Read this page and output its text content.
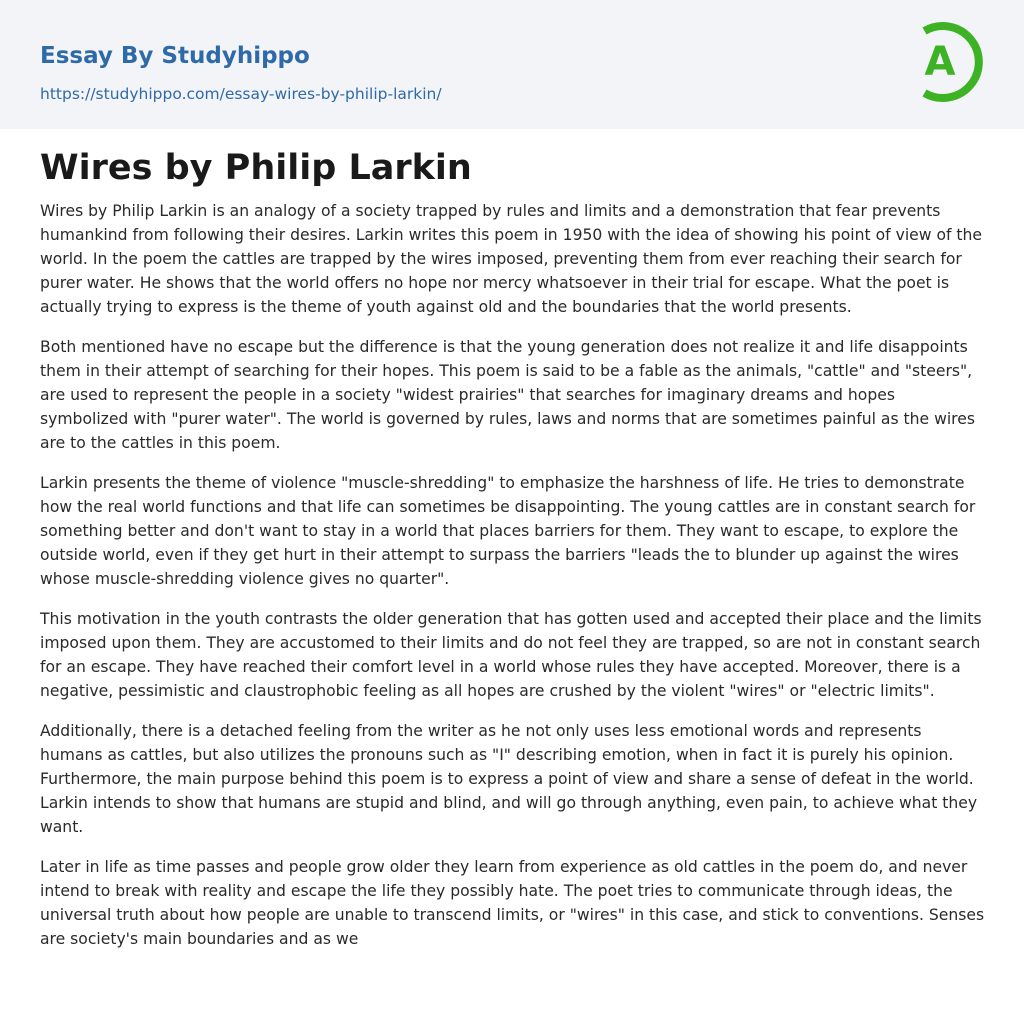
Essay By Studyhippo
https://studyhippo.com/essay-wires-by-philip-larkin/
A
Wires by Philip Larkin

Wires by Philip Larkin is an analogy of a society trapped by rules and limits and a demonstration that fear prevents humankind from following their desires. Larkin writes this poem in 1950 with the idea of showing his point of view of the world. In the poem the cattles are trapped by the wires imposed, preventing them from ever reaching their search for purer water. He shows that the world offers no hope nor mercy whatsoever in their trial for escape. What the poet is actually trying to express is the theme of youth against old and the boundaries that the world presents.

Both mentioned have no escape but the difference is that the young generation does not realize it and life disappoints them in their attempt of searching for their hopes. This poem is said to be a fable as the animals, "cattle" and "steers", are used to represent the people in a society "widest prairies" that searches for imaginary dreams and hopes symbolized with "purer water". The world is governed by rules, laws and norms that are sometimes painful as the wires are to the cattles in this poem.

Larkin presents the theme of violence "muscle-shredding" to emphasize the harshness of life. He tries to demonstrate how the real world functions and that life can sometimes be disappointing. The young cattles are in constant search for something better and don't want to stay in a world that places barriers for them. They want to escape, to explore the outside world, even if they get hurt in their attempt to surpass the barriers "leads the to blunder up against the wires whose muscle-shredding violence gives no quarter".

This motivation in the youth contrasts the older generation that has gotten used and accepted their place and the limits imposed upon them. They are accustomed to their limits and do not feel they are trapped, so are not in constant search for an escape. They have reached their comfort level in a world whose rules they have accepted. Moreover, there is a negative, pessimistic and claustrophobic feeling as all hopes are crushed by the violent "wires" or "electric limits".

Additionally, there is a detached feeling from the writer as he not only uses less emotional words and represents humans as cattles, but also utilizes the pronouns such as "I" describing emotion, when in fact it is purely his opinion. Furthermore, the main purpose behind this poem is to express a point of view and share a sense of defeat in the world. Larkin intends to show that humans are stupid and blind, and will go through anything, even pain, to achieve what they want.

Later in life as time passes and people grow older they learn from experience as old cattles in the poem do, and never intend to break with reality and escape the life they possibly hate. The poet tries to communicate through ideas, the universal truth about how people are unable to transcend limits, or "wires" in this case, and stick to conventions. Senses are society's main boundaries and as we
